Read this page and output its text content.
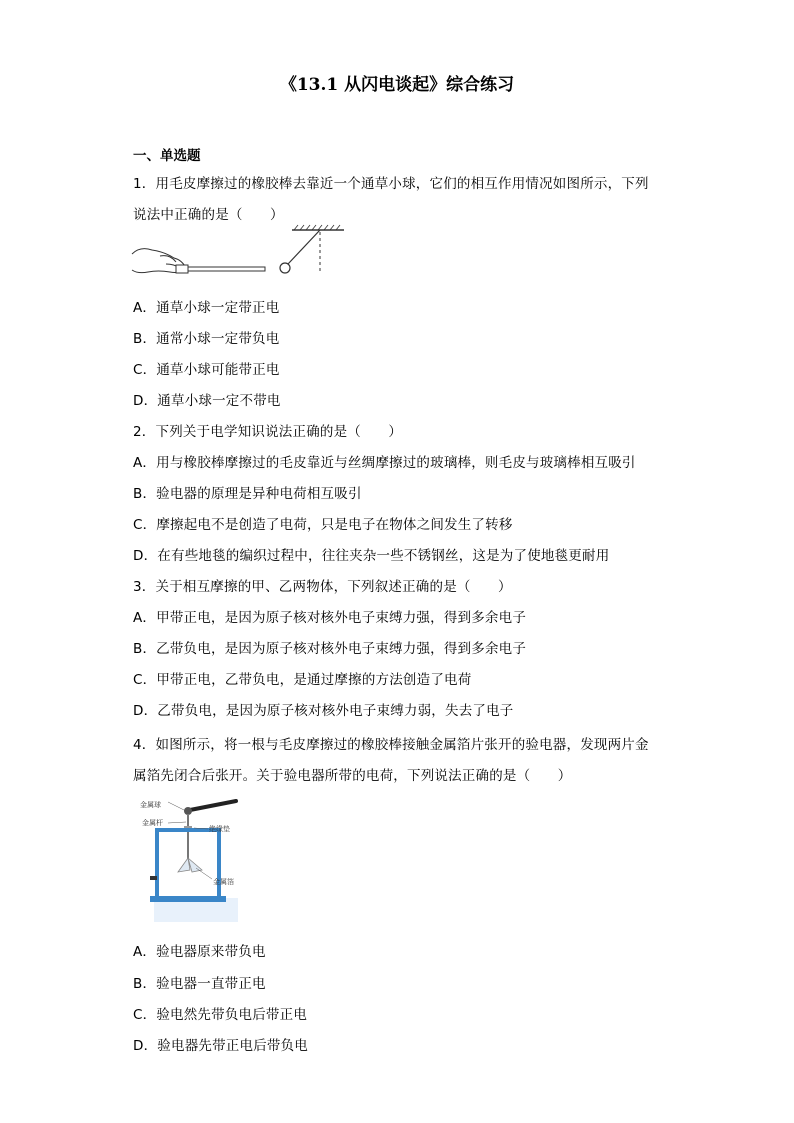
《13.1 从闪电谈起》综合练习
一、单选题
1．用毛皮摩擦过的橡胶棒去靠近一个通草小球，它们的相互作用情况如图所示，下列
说法中正确的是（　　）
A．通草小球一定带正电
B．通常小球一定带负电
C．通草小球可能带正电
D．通草小球一定不带电
2．下列关于电学知识说法正确的是（　　）
A．用与橡胶棒摩擦过的毛皮靠近与丝绸摩擦过的玻璃棒，则毛皮与玻璃棒相互吸引
B．验电器的原理是异种电荷相互吸引
C．摩擦起电不是创造了电荷，只是电子在物体之间发生了转移
D．在有些地毯的编织过程中，往往夹杂一些不锈钢丝，这是为了使地毯更耐用
3．关于相互摩擦的甲、乙两物体，下列叙述正确的是（　　）
A．甲带正电，是因为原子核对核外电子束缚力强，得到多余电子
B．乙带负电，是因为原子核对核外电子束缚力强，得到多余电子
C．甲带正电，乙带负电，是通过摩擦的方法创造了电荷
D．乙带负电，是因为原子核对核外电子束缚力弱，失去了电子
4．如图所示，将一根与毛皮摩擦过的橡胶棒接触金属箔片张开的验电器，发现两片金
属箔先闭合后张开。关于验电器所带的电荷，下列说法正确的是（　　）
金属球
金属杆
绝缘垫
金属箔
A．验电器原来带负电
B．验电器一直带正电
C．验电然先带负电后带正电
D．验电器先带正电后带负电
